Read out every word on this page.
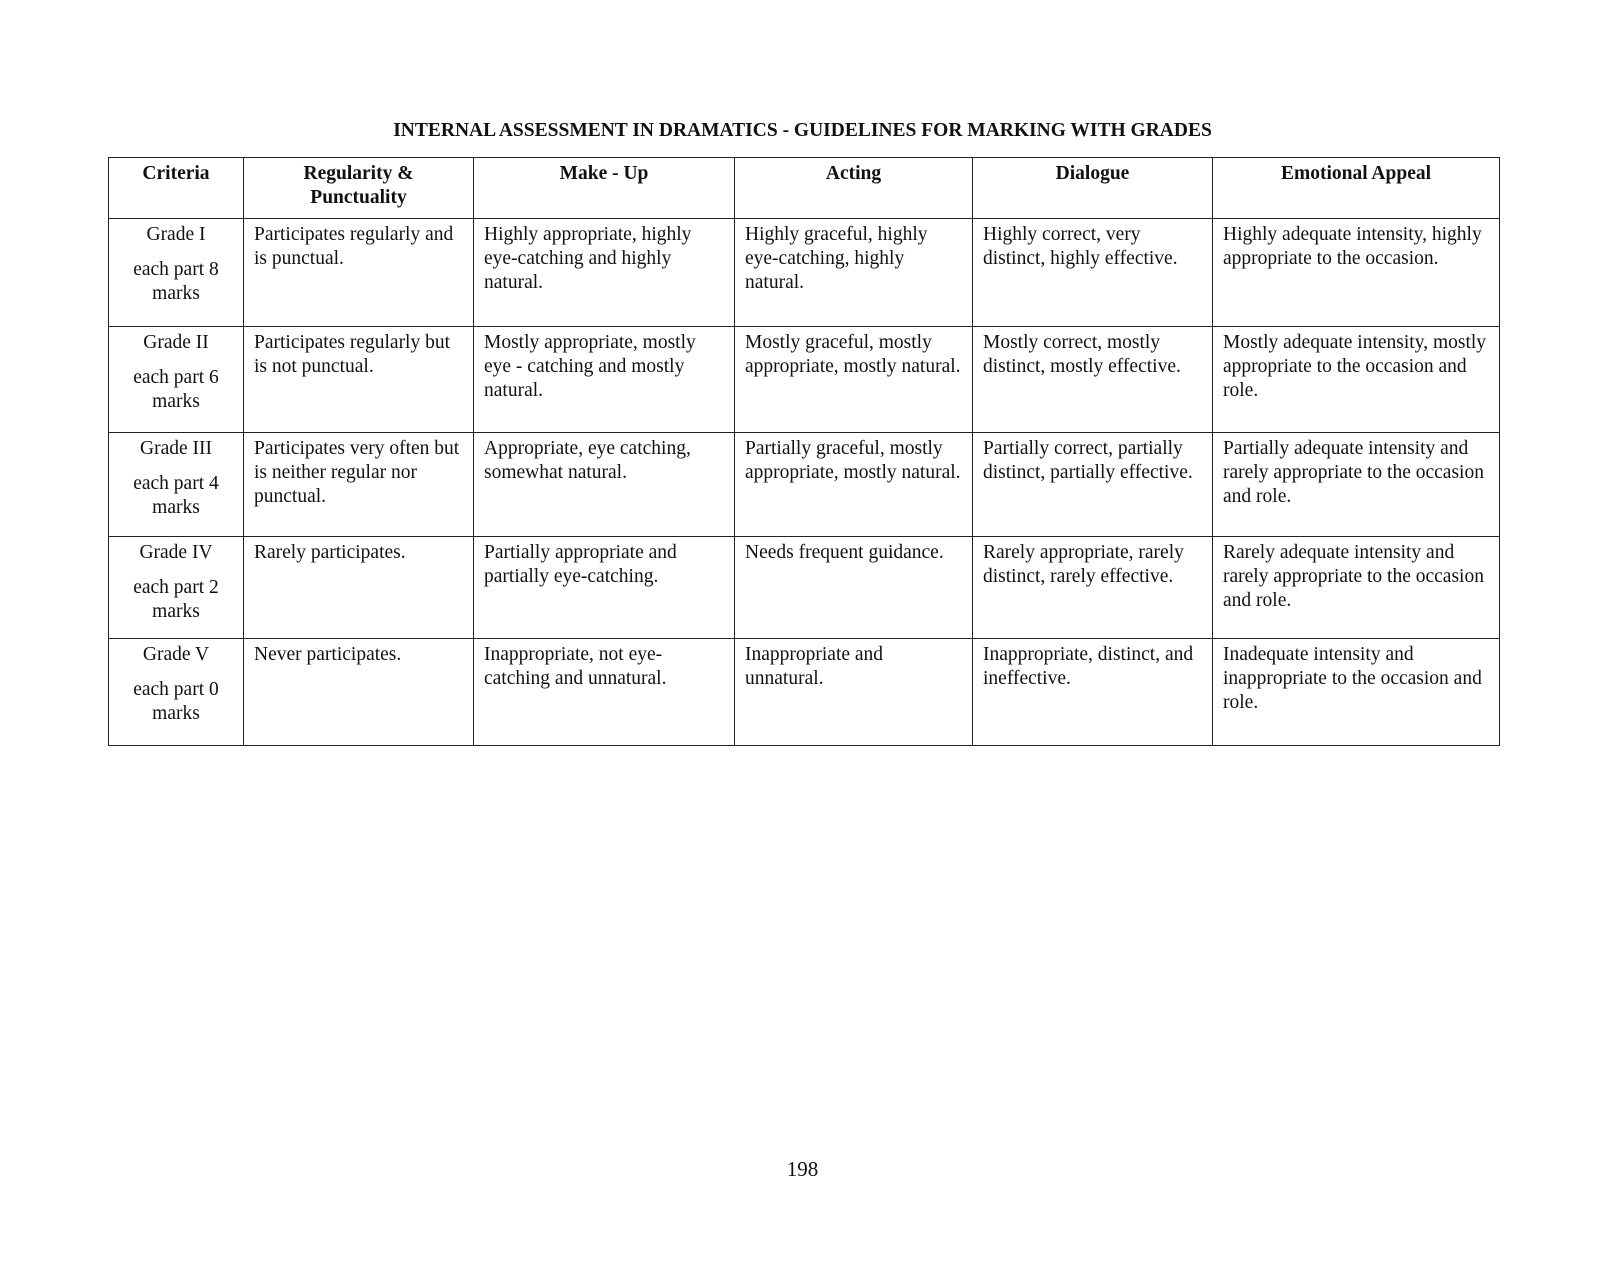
INTERNAL ASSESSMENT IN DRAMATICS - GUIDELINES FOR MARKING WITH GRADES
Criteria	Regularity & Punctuality	Make - Up	Acting	Dialogue	Emotional Appeal

Grade I
each part 8 marks	Participates regularly and is punctual.	Highly appropriate, highly eye-catching and highly natural.	Highly graceful, highly eye-catching, highly natural.	Highly correct, very distinct, highly effective.	Highly adequate intensity, highly appropriate to the occasion.

Grade II
each part 6 marks	Participates regularly but is not punctual.	Mostly appropriate, mostly eye - catching and mostly natural.	Mostly graceful, mostly appropriate, mostly natural.	Mostly correct, mostly distinct, mostly effective.	Mostly adequate intensity, mostly appropriate to the occasion and role.

Grade III
each part 4 marks	Participates very often but is neither regular nor punctual.	Appropriate, eye catching, somewhat natural.	Partially graceful, mostly appropriate, mostly natural.	Partially correct, partially distinct, partially effective.	Partially adequate intensity and rarely appropriate to the occasion and role.

Grade IV
each part 2 marks	Rarely participates.	Partially appropriate and partially eye-catching.	Needs frequent guidance.	Rarely appropriate, rarely distinct, rarely effective.	Rarely adequate intensity and rarely appropriate to the occasion and role.

Grade V
each part 0 marks	Never participates.	Inappropriate, not eye-catching and unnatural.	Inappropriate and unnatural.	Inappropriate, distinct, and ineffective.	Inadequate intensity and inappropriate to the occasion and role.
198
